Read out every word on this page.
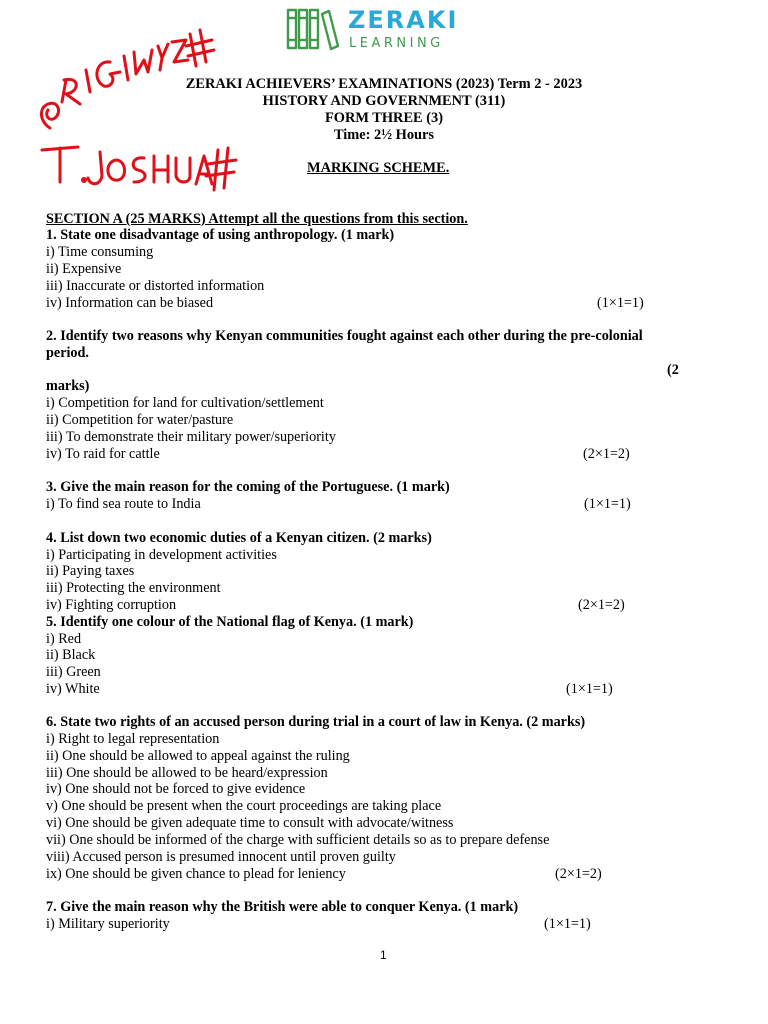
ZERAKI
LEARNING
ZERAKI ACHIEVERS’ EXAMINATIONS (2023) Term 2 - 2023
HISTORY AND GOVERNMENT (311)
FORM THREE (3)
Time: 2½ Hours
MARKING SCHEME.
SECTION A (25 MARKS) Attempt all the questions from this section.
1. State one disadvantage of using anthropology. (1 mark)
i) Time consuming
ii) Expensive
iii) Inaccurate or distorted information
iv) Information can be biased	(1×1=1)
2. Identify two reasons why Kenyan communities fought against each other during the pre-colonial
period.
(2
marks)
i) Competition for land for cultivation/settlement
ii) Competition for water/pasture
iii) To demonstrate their military power/superiority
iv) To raid for cattle	(2×1=2)
3. Give the main reason for the coming of the Portuguese. (1 mark)
i) To find sea route to India	(1×1=1)
4. List down two economic duties of a Kenyan citizen. (2 marks)
i) Participating in development activities
ii) Paying taxes
iii) Protecting the environment
iv) Fighting corruption	(2×1=2)
5. Identify one colour of the National flag of Kenya. (1 mark)
i) Red
ii) Black
iii) Green
iv) White	(1×1=1)
6. State two rights of an accused person during trial in a court of law in Kenya. (2 marks)
i) Right to legal representation
ii) One should be allowed to appeal against the ruling
iii) One should be allowed to be heard/expression
iv) One should not be forced to give evidence
v) One should be present when the court proceedings are taking place
vi) One should be given adequate time to consult with advocate/witness
vii) One should be informed of the charge with sufficient details so as to prepare defense
viii) Accused person is presumed innocent until proven guilty
ix) One should be given chance to plead for leniency	(2×1=2)
7. Give the main reason why the British were able to conquer Kenya. (1 mark)
i) Military superiority	(1×1=1)
1
